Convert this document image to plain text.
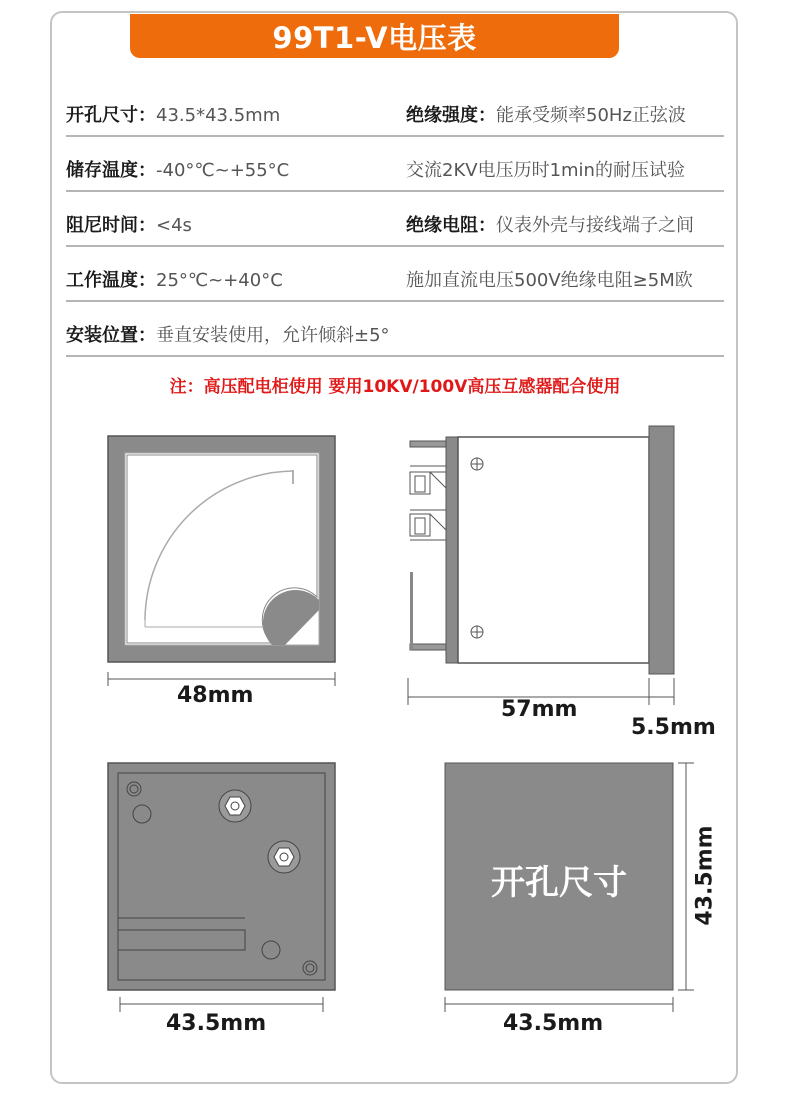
99T1-V电压表
开孔尺寸：43.5*43.5mm	绝缘强度：能承受频率50Hz正弦波
储存温度：-40°℃~+55°C	交流2KV电压历时1min的耐压试验
阻尼时间：<4s	绝缘电阻：仪表外壳与接线端子之间
工作温度：25°℃~+40°C	施加直流电压500V绝缘电阻≥5M欧
安装位置：垂直安装使用，允许倾斜±5°
注：高压配电柜使用 要用10KV/100V高压互感器配合使用
48mm
57mm
5.5mm
43.5mm	43.5mm
43.5mm
开孔尺寸
